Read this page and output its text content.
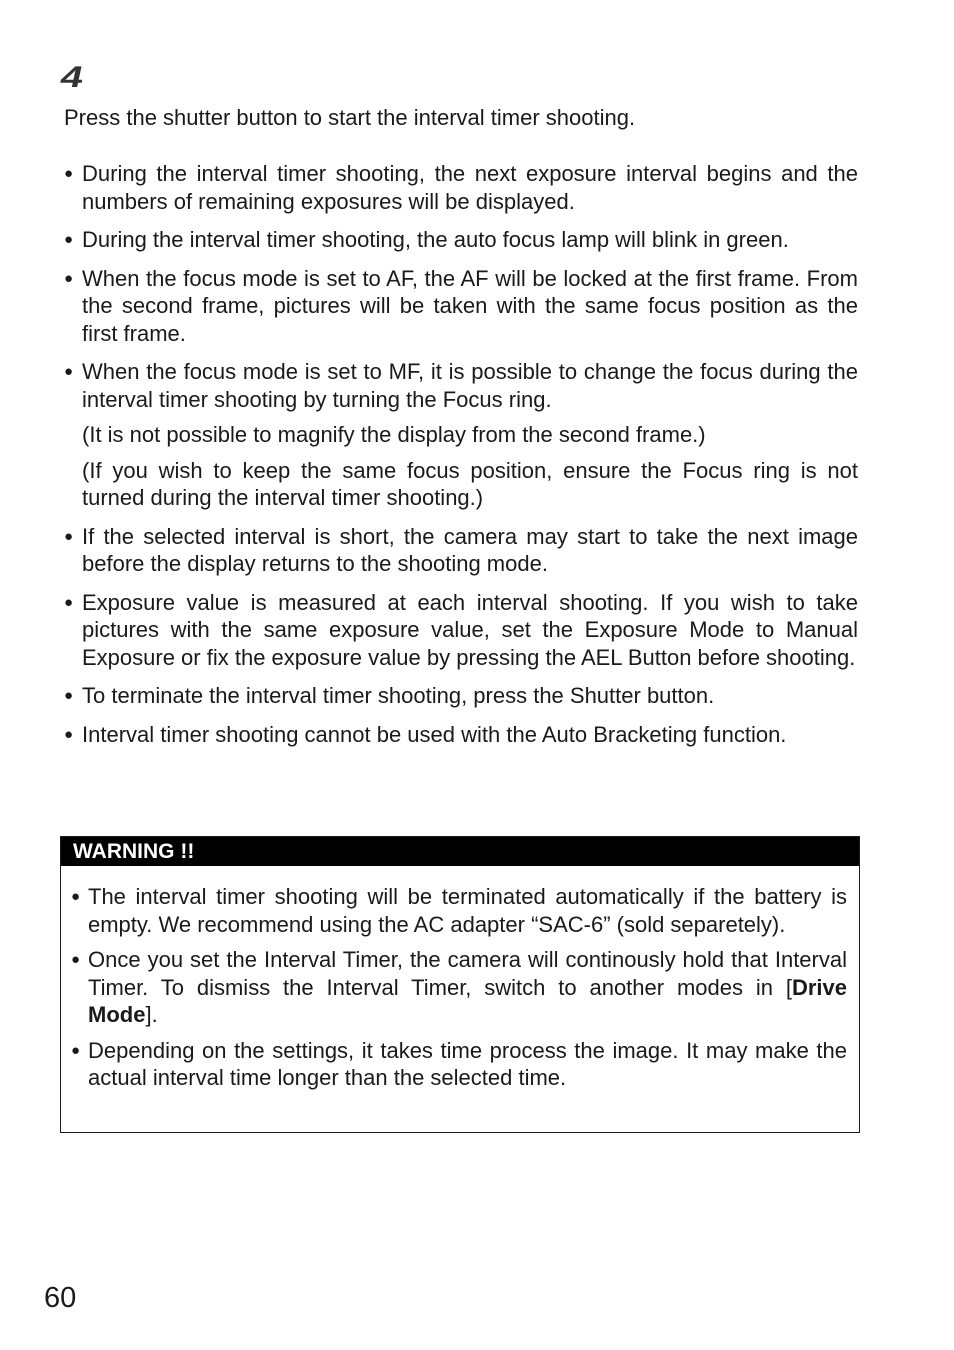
4

Press the shutter button to start the interval timer shooting.

● During the interval timer shooting, the next exposure interval begins and the numbers of remaining exposures will be displayed.
● During the interval timer shooting, the auto focus lamp will blink in green.
● When the focus mode is set to AF, the AF will be locked at the first frame. From the second frame, pictures will be taken with the same focus position as the first frame.
● When the focus mode is set to MF, it is possible to change the focus during the interval timer shooting by turning the Focus ring.

(It is not possible to magnify the display from the second frame.)

(If you wish to keep the same focus position, ensure the Focus ring is not turned during the interval timer shooting.)

● If the selected interval is short, the camera may start to take the next image before the display returns to the shooting mode.
● Exposure value is measured at each interval shooting. If you wish to take pictures with the same exposure value, set the Exposure Mode to Manual Exposure or fix the exposure value by pressing the AEL Button before shooting.
● To terminate the interval timer shooting, press the Shutter button.
● Interval timer shooting cannot be used with the Auto Bracketing function.
WARNING !!
● The interval timer shooting will be terminated automatically if the battery is empty. We recommend using the AC adapter “SAC-6” (sold separetely).
● Once you set the Interval Timer, the camera will continously hold that Interval Timer. To dismiss the Interval Timer, switch to another modes in [Drive Mode].
● Depending on the settings, it takes time process the image. It may make the actual interval time longer than the selected time.
60
